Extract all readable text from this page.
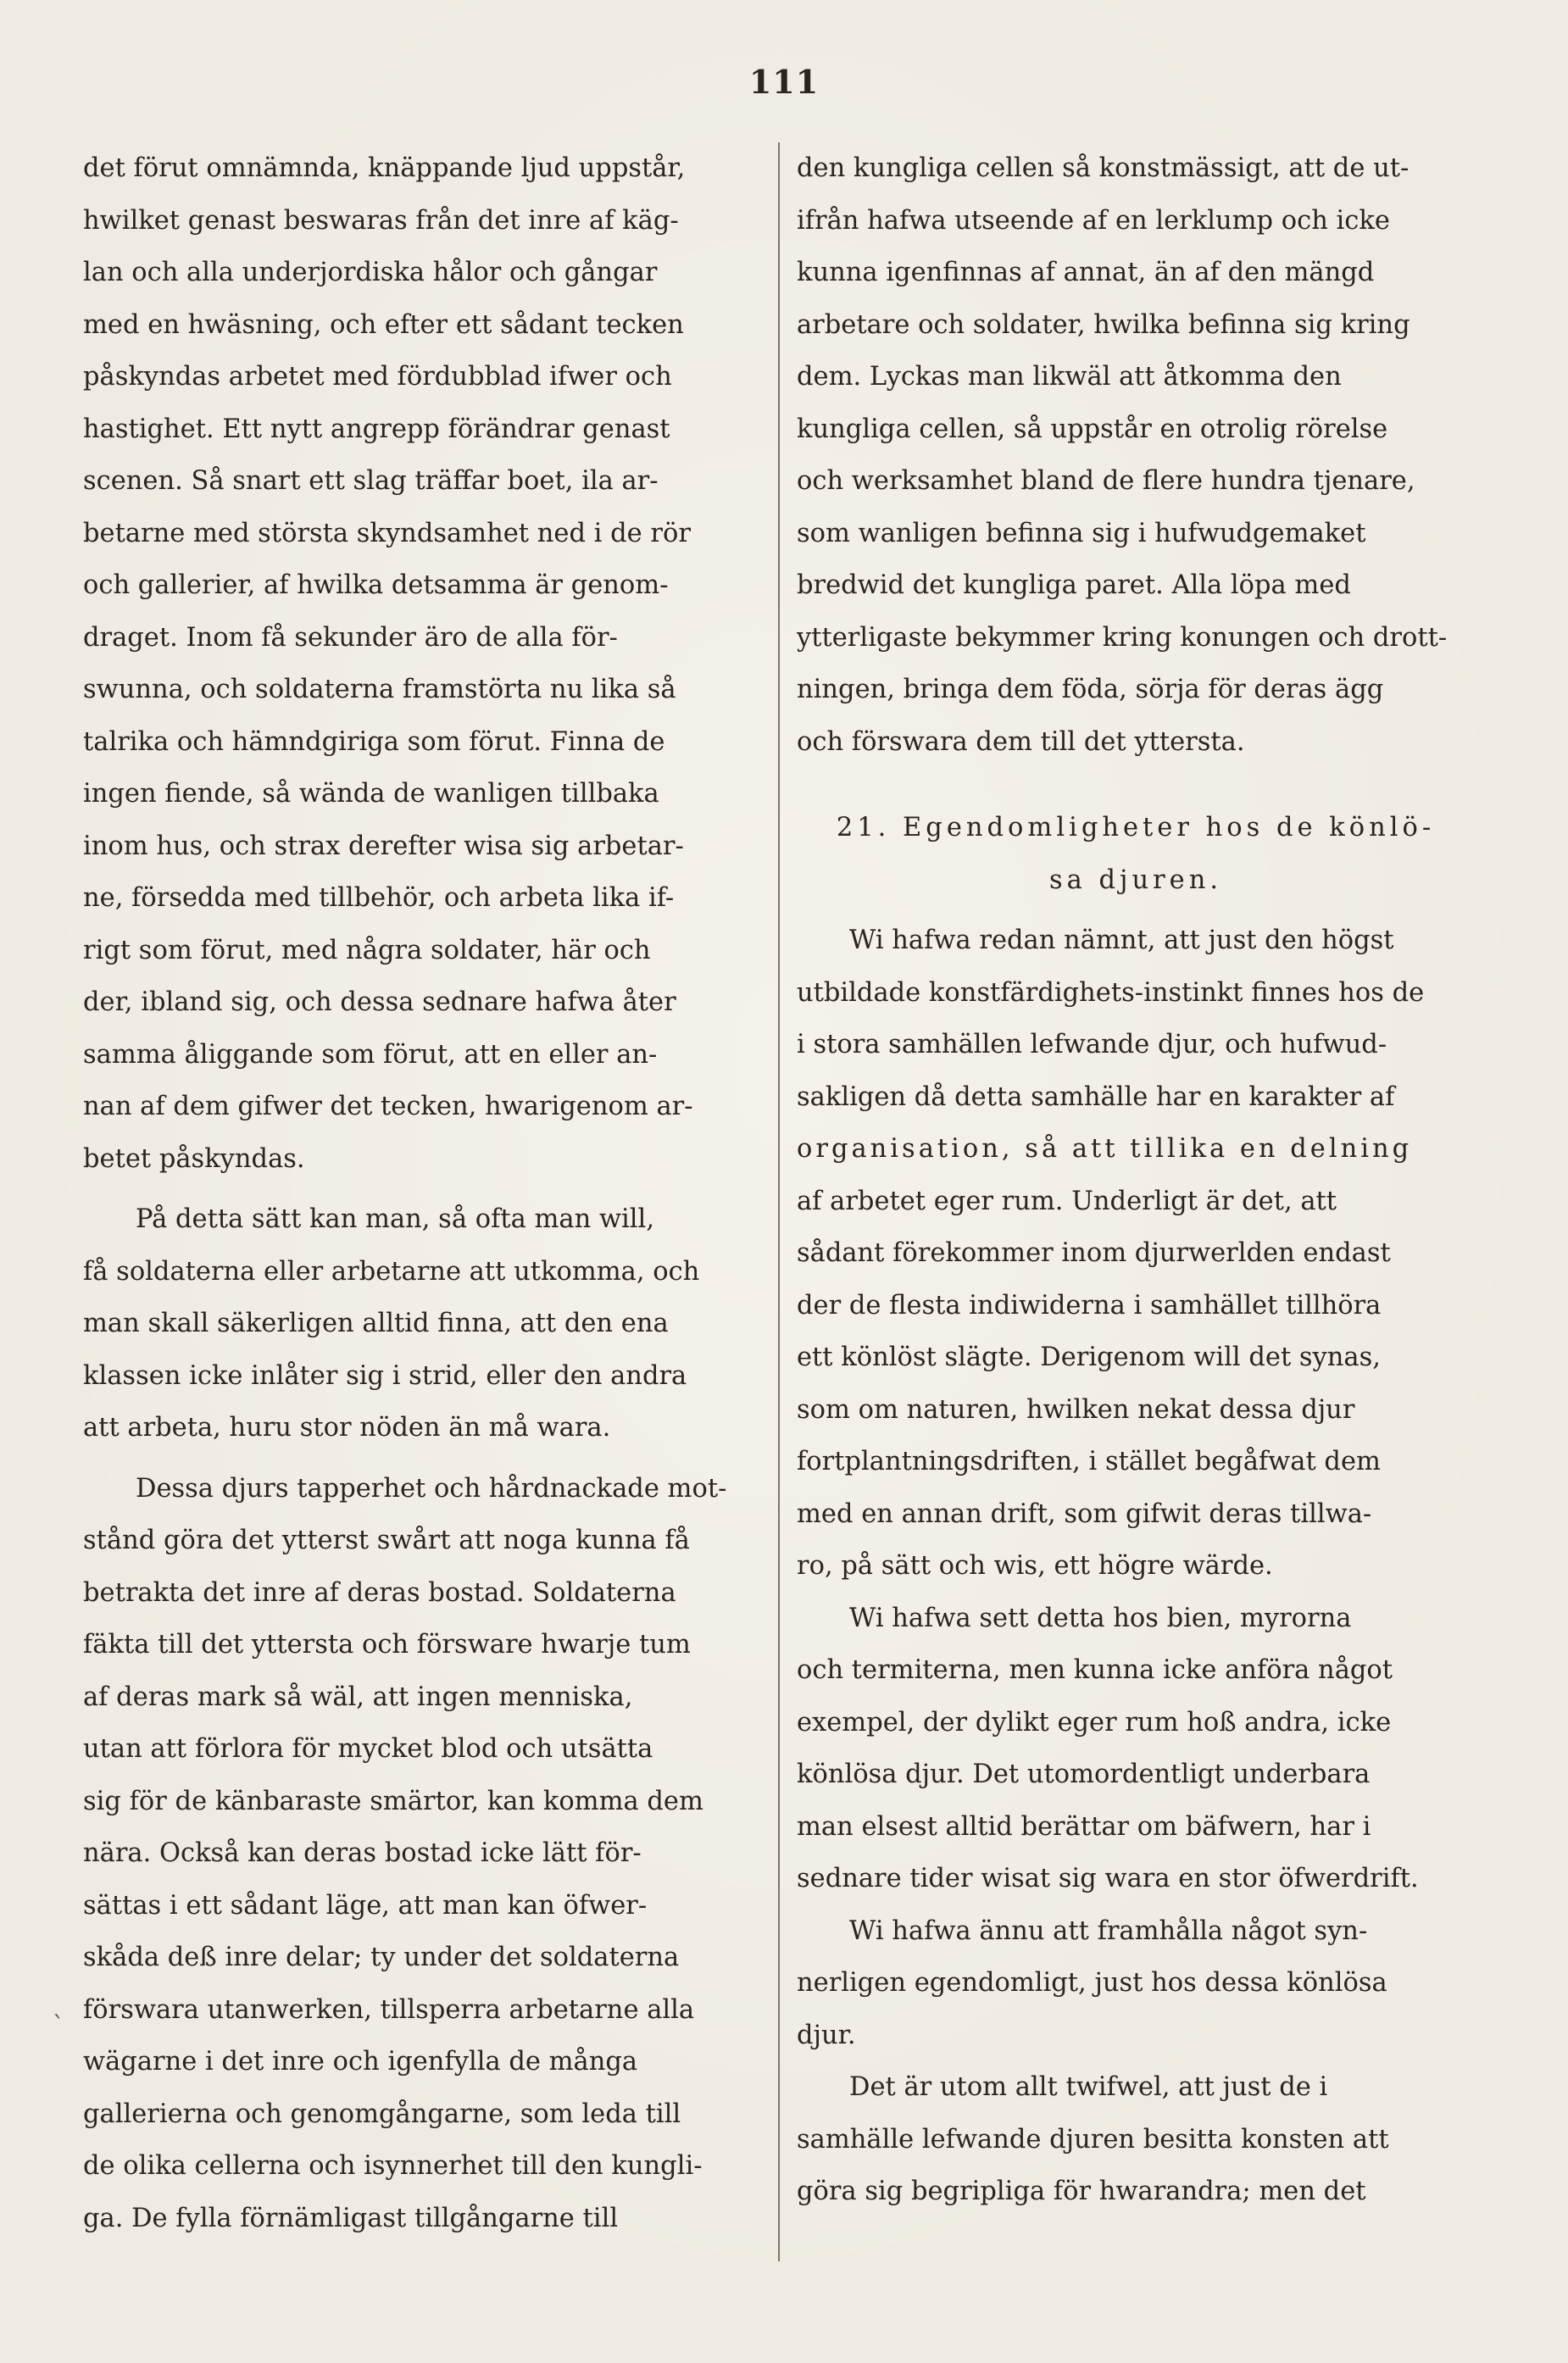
111
`
det förut omnämnda, knäppande ljud uppstår,
hwilket genast beswaras från det inre af käg-
lan och alla underjordiska hålor och gångar
med en hwäsning, och efter ett sådant tecken
påskyndas arbetet med fördubblad ifwer och
hastighet. Ett nytt angrepp förändrar genast
scenen. Så snart ett slag träffar boet, ila ar-
betarne med största skyndsamhet ned i de rör
och gallerier, af hwilka detsamma är genom-
draget. Inom få sekunder äro de alla för-
swunna, och soldaterna framstörta nu lika så
talrika och hämndgiriga som förut. Finna de
ingen fiende, så wända de wanligen tillbaka
inom hus, och strax derefter wisa sig arbetar-
ne, försedda med tillbehör, och arbeta lika if-
rigt som förut, med några soldater, här och
der, ibland sig, och dessa sednare hafwa åter
samma åliggande som förut, att en eller an-
nan af dem gifwer det tecken, hwarigenom ar-
betet påskyndas.
På detta sätt kan man, så ofta man will,
få soldaterna eller arbetarne att utkomma, och
man skall säkerligen alltid finna, att den ena
klassen icke inlåter sig i strid, eller den andra
att arbeta, huru stor nöden än må wara.
Dessa djurs tapperhet och hårdnackade mot-
stånd göra det ytterst swårt att noga kunna få
betrakta det inre af deras bostad. Soldaterna
fäkta till det yttersta och försware hwarje tum
af deras mark så wäl, att ingen menniska,
utan att förlora för mycket blod och utsätta
sig för de känbaraste smärtor, kan komma dem
nära. Också kan deras bostad icke lätt för-
sättas i ett sådant läge, att man kan öfwer-
skåda deß inre delar; ty under det soldaterna
förswara utanwerken, tillsperra arbetarne alla
wägarne i det inre och igenfylla de många
gallerierna och genomgångarne, som leda till
de olika cellerna och isynnerhet till den kungli-
ga. De fylla förnämligast tillgångarne till
den kungliga cellen så konstmässigt, att de ut-
ifrån hafwa utseende af en lerklump och icke
kunna igenfinnas af annat, än af den mängd
arbetare och soldater, hwilka befinna sig kring
dem. Lyckas man likwäl att åtkomma den
kungliga cellen, så uppstår en otrolig rörelse
och werksamhet bland de flere hundra tjenare,
som wanligen befinna sig i hufwudgemaket
bredwid det kungliga paret. Alla löpa med
ytterligaste bekymmer kring konungen och drott-
ningen, bringa dem föda, sörja för deras ägg
och förswara dem till det yttersta.
21. Egendomligheter hos de könlö-
sa djuren.
Wi hafwa redan nämnt, att just den högst
utbildade konstfärdighets-instinkt finnes hos de
i stora samhällen lefwande djur, och hufwud-
sakligen då detta samhälle har en karakter af
organisation, så att tillika en delning
af arbetet eger rum. Underligt är det, att
sådant förekommer inom djurwerlden endast
der de flesta indiwiderna i samhället tillhöra
ett könlöst slägte. Derigenom will det synas,
som om naturen, hwilken nekat dessa djur
fortplantningsdriften, i stället begåfwat dem
med en annan drift, som gifwit deras tillwa-
ro, på sätt och wis, ett högre wärde.
Wi hafwa sett detta hos bien, myrorna
och termiterna, men kunna icke anföra något
exempel, der dylikt eger rum hoß andra, icke
könlösa djur. Det utomordentligt underbara
man elsest alltid berättar om bäfwern, har i
sednare tider wisat sig wara en stor öfwerdrift.
Wi hafwa ännu att framhålla något syn-
nerligen egendomligt, just hos dessa könlösa
djur.
Det är utom allt twifwel, att just de i
samhälle lefwande djuren besitta konsten att
göra sig begripliga för hwarandra; men det
